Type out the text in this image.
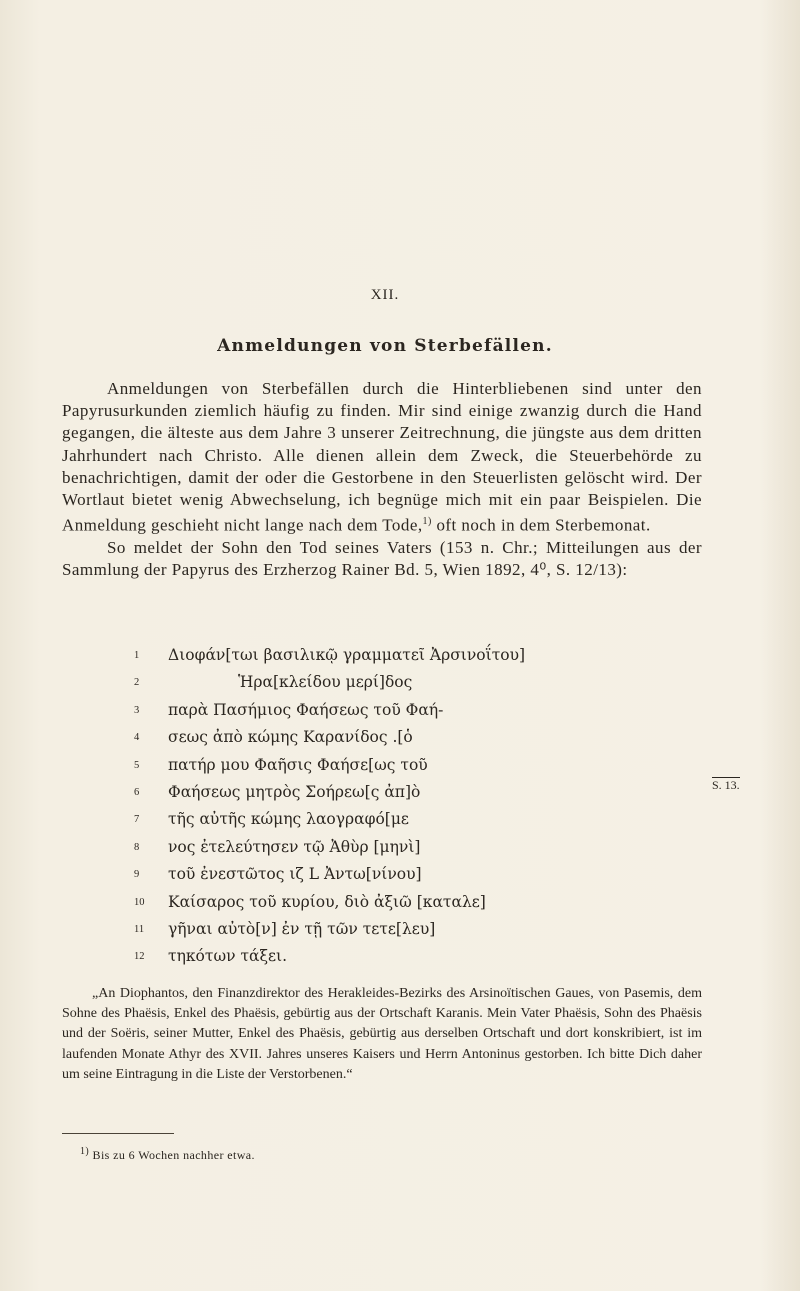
XII.
Anmeldungen von Sterbefällen.

Anmeldungen von Sterbefällen durch die Hinterbliebenen sind unter den Papyrusurkunden ziemlich häufig zu finden. Mir sind einige zwanzig durch die Hand gegangen, die älteste aus dem Jahre 3 unserer Zeitrechnung, die jüngste aus dem dritten Jahrhundert nach Christo. Alle dienen allein dem Zweck, die Steuerbehörde zu benachrichtigen, damit der oder die Gestorbene in den Steuerlisten gelöscht wird. Der Wortlaut bietet wenig Abwechselung, ich begnüge mich mit ein paar Beispielen. Die Anmeldung geschieht nicht lange nach dem Tode,$^{1)}$ oft noch in dem Sterbemonat.

So meldet der Sohn den Tod seines Vaters (153 n. Chr.; Mitteilungen aus der Sammlung der Papyrus des Erzherzog Rainer Bd. 5, Wien 1892, 4⁰, S. 12/13):

1	Διοφάν[τωι βασιλικῷ γραμματεῖ Ἀρσινοΐτου]
2	Ἡρα[κλείδου μερί]δος
3	παρὰ Πασήμιος Φαήσεως τοῦ Φαή-
4	σεως ἀπὸ κώμης Καρανίδος .[ὁ
5	πατήρ μου Φαῆσις Φαήσε[ως τοῦ
6	Φαήσεως μητρὸς Σοήρεω[ς ἀπ]ὸ
7	τῆς αὐτῆς κώμης λαογραφό[με
8	νος ἐτελεύτησεν τῷ Ἀθὺρ [μηνὶ]
9	τοῦ ἐνεστῶτος ιζ L Ἀντω[νίνου]
10	Καίσαρος τοῦ κυρίου, διὸ ἀξιῶ [καταλε]
11	γῆναι αὐτὸ[ν] ἐν τῇ τῶν τετε[λευ]
12	τηκότων τάξει.
S. 13.

„An Diophantos, den Finanzdirektor des Herakleides-Bezirks des Arsinoïtischen Gaues, von Pasemis, dem Sohne des Phaësis, Enkel des Phaësis, gebürtig aus der Ortschaft Karanis. Mein Vater Phaësis, Sohn des Phaësis und der Soëris, seiner Mutter, Enkel des Phaësis, gebürtig aus derselben Ortschaft und dort konskribiert, ist im laufenden Monate Athyr des XVII. Jahres unseres Kaisers und Herrn Antoninus gestorben. Ich bitte Dich daher um seine Eintragung in die Liste der Verstorbenen.“

$^{1)}$ Bis zu 6 Wochen nachher etwa.
